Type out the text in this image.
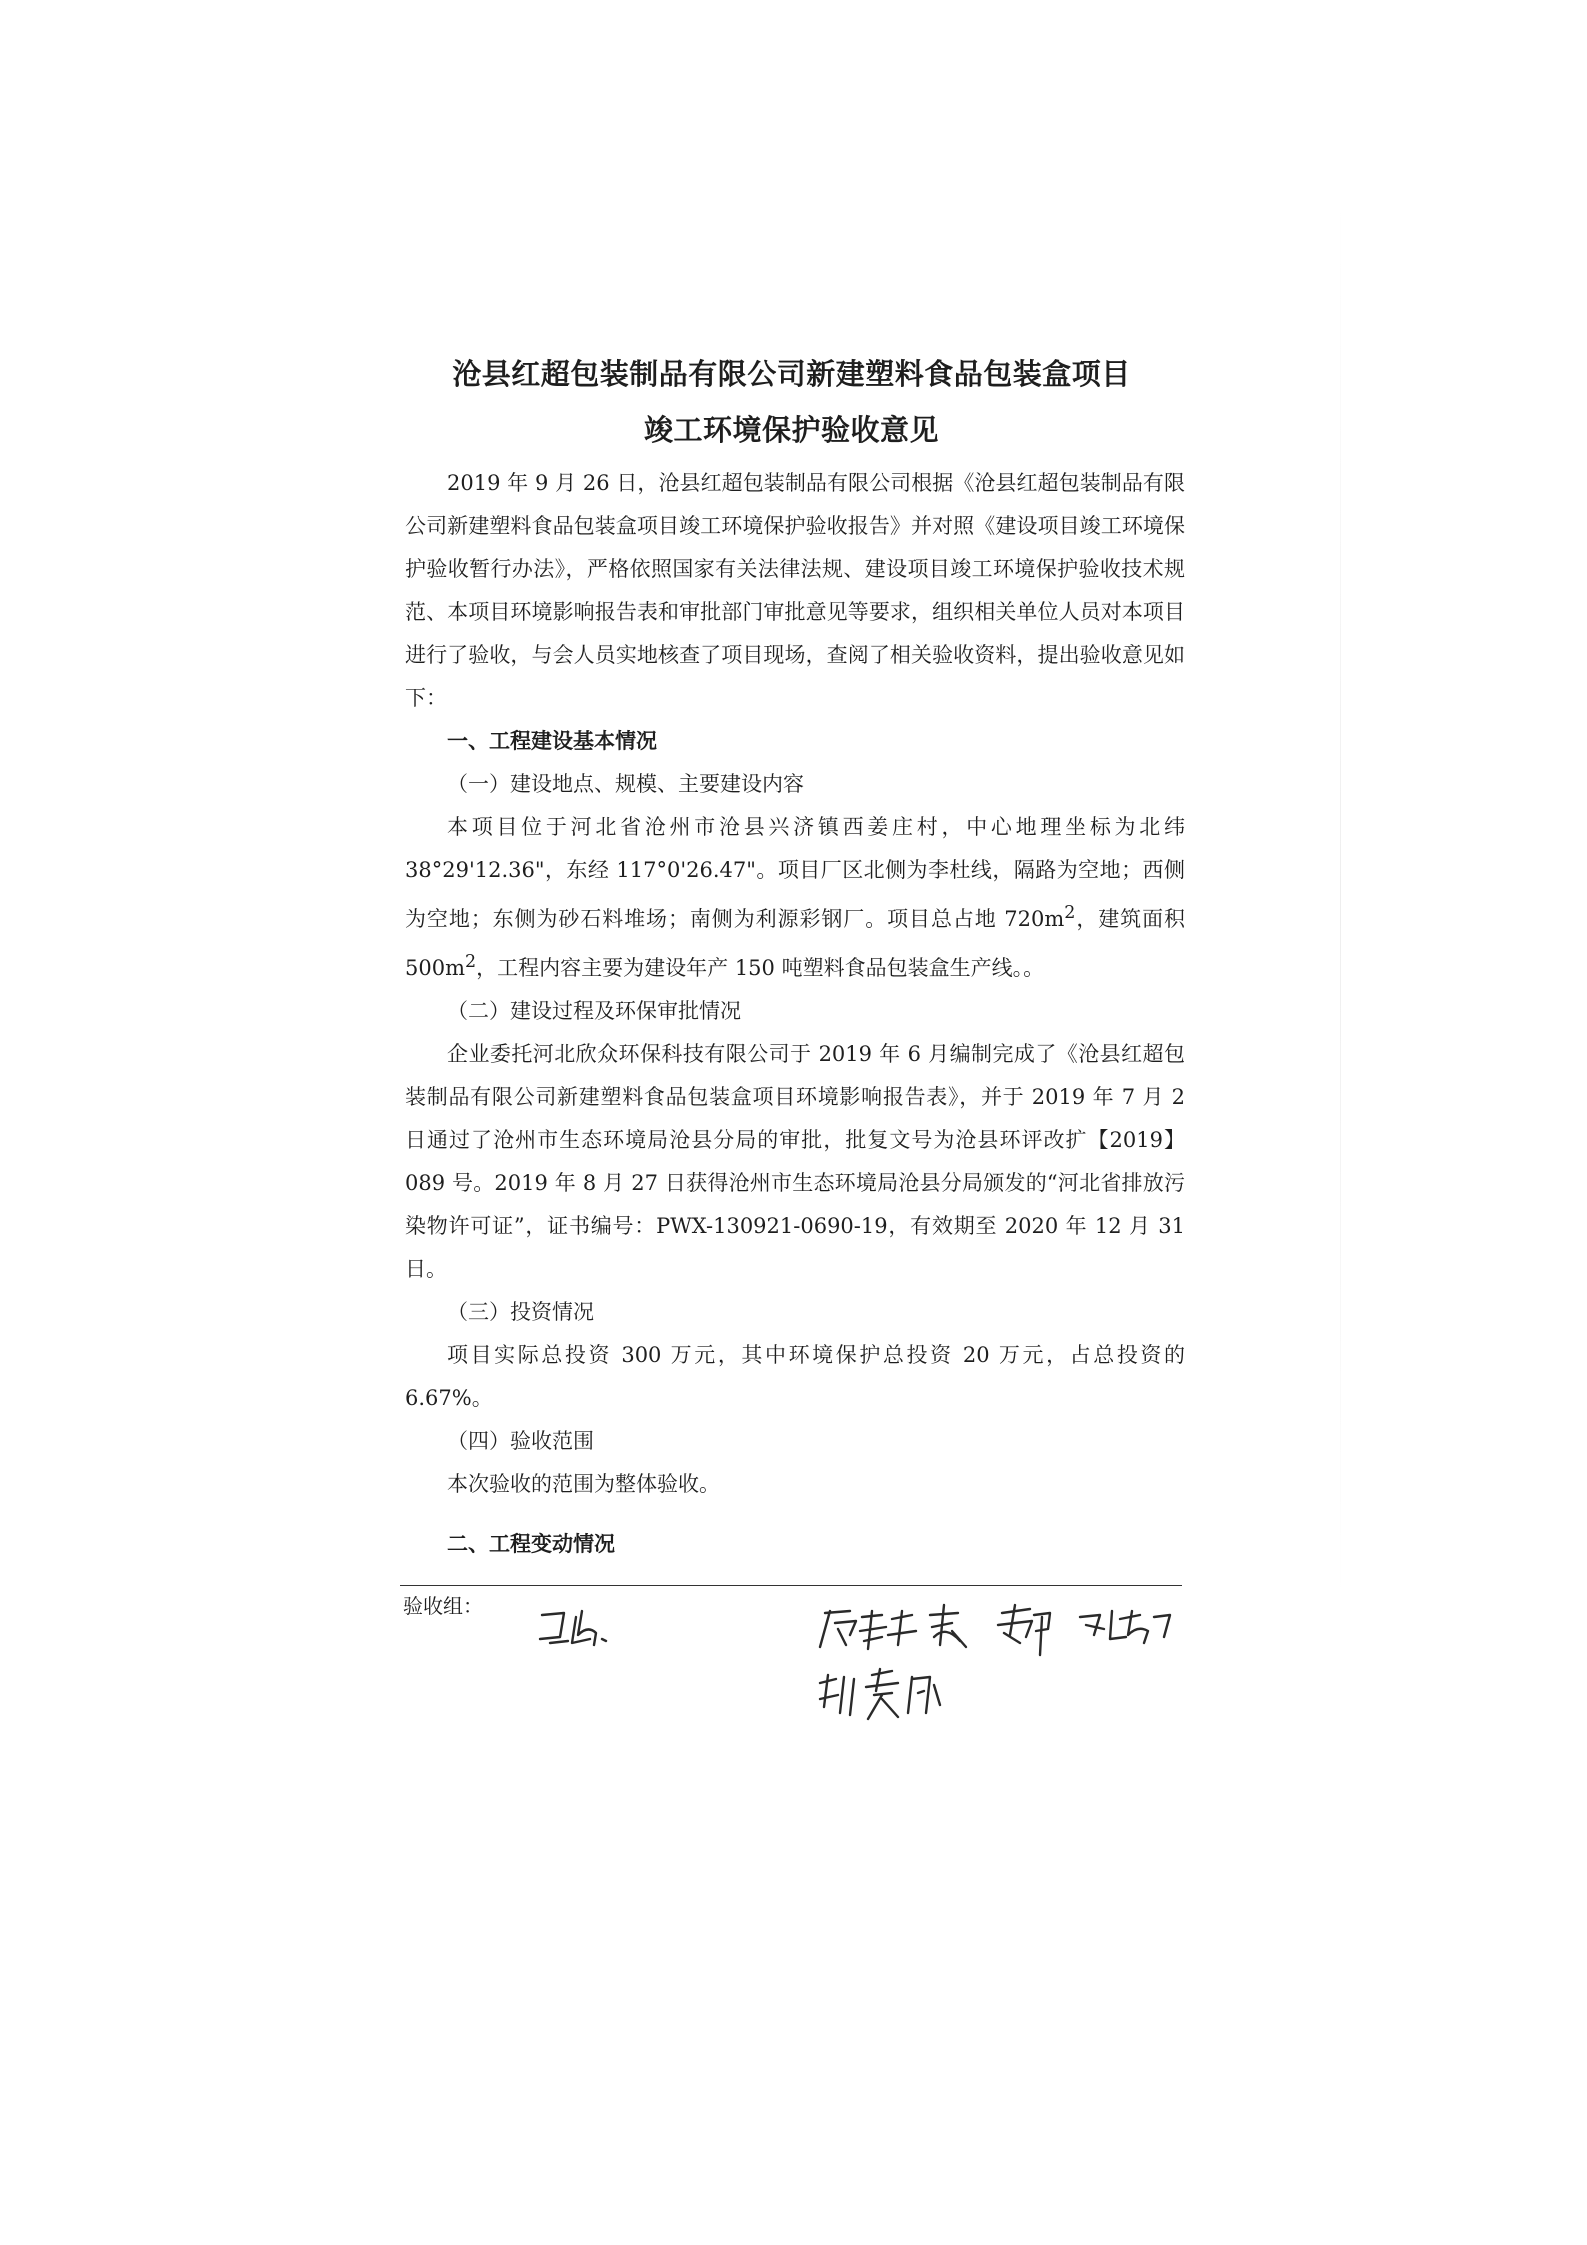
沧县红超包装制品有限公司新建塑料食品包装盒项目
竣工环境保护验收意见

2019 年 9 月 26 日，沧县红超包装制品有限公司根据《沧县红超包装制品有限公司新建塑料食品包装盒项目竣工环境保护验收报告》并对照《建设项目竣工环境保护验收暂行办法》，严格依照国家有关法律法规、建设项目竣工环境保护验收技术规范、本项目环境影响报告表和审批部门审批意见等要求，组织相关单位人员对本项目进行了验收，与会人员实地核查了项目现场，查阅了相关验收资料，提出验收意见如下：

一、工程建设基本情况

（一）建设地点、规模、主要建设内容

本项目位于河北省沧州市沧县兴济镇西姜庄村，中心地理坐标为北纬 38°29'12.36"，东经 117°0'26.47"。项目厂区北侧为李杜线，隔路为空地；西侧为空地；东侧为砂石料堆场；南侧为利源彩钢厂。项目总占地 $720m^2$，建筑面积 $500m^2$，工程内容主要为建设年产 150 吨塑料食品包装盒生产线。。

（二）建设过程及环保审批情况

企业委托河北欣众环保科技有限公司于 2019 年 6 月编制完成了《沧县红超包装制品有限公司新建塑料食品包装盒项目环境影响报告表》，并于 2019 年 7 月 2 日通过了沧州市生态环境局沧县分局的审批，批复文号为沧县环评改扩【2019】089 号。2019 年 8 月 27 日获得沧州市生态环境局沧县分局颁发的“河北省排放污染物许可证”，证书编号：PWX-130921-0690-19，有效期至 2020 年 12 月 31 日。

（三）投资情况

项目实际总投资 300 万元，其中环境保护总投资 20 万元，占总投资的 6.67%。

（四）验收范围

本次验收的范围为整体验收。

二、工程变动情况
验收组：
